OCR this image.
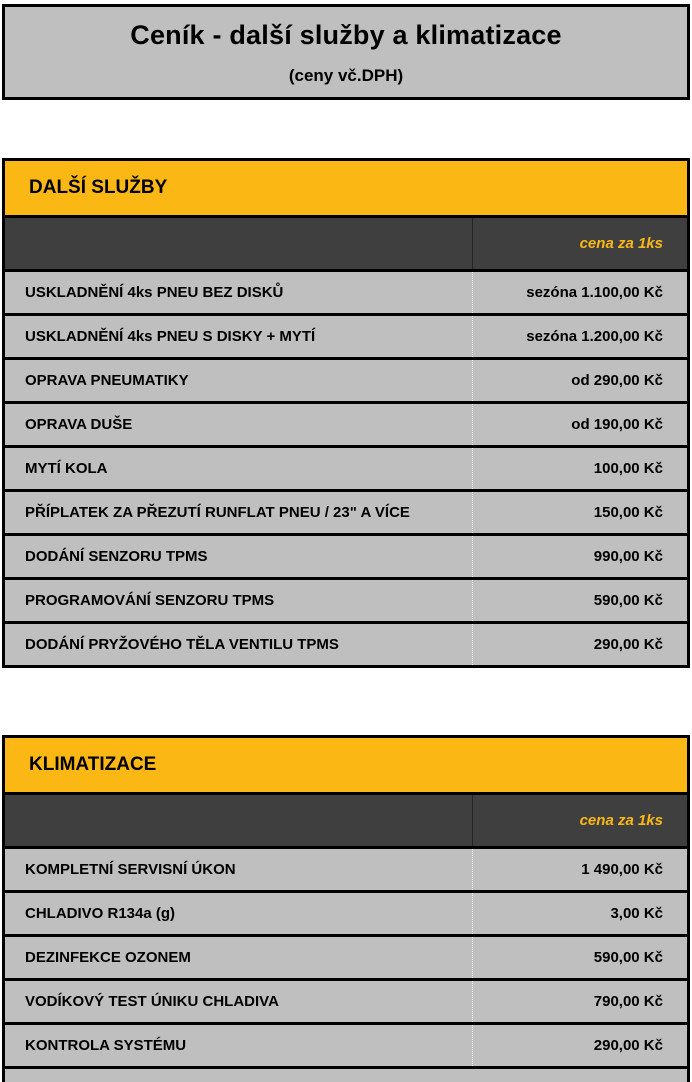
Ceník - další služby a klimatizace

(ceny vč.DPH)

DALŠÍ SLUŽBY
cena za 1ks
USKLADNĚNÍ 4ks PNEU BEZ DISKŮ	sezóna 1.100,00 Kč
USKLADNĚNÍ 4ks PNEU S DISKY + MYTÍ	sezóna 1.200,00 Kč
OPRAVA PNEUMATIKY	od 290,00 Kč
OPRAVA DUŠE	od 190,00 Kč
MYTÍ KOLA	100,00 Kč
PŘÍPLATEK ZA PŘEZUTÍ RUNFLAT PNEU / 23" A VÍCE	150,00 Kč
DODÁNÍ SENZORU TPMS	990,00 Kč
PROGRAMOVÁNÍ SENZORU TPMS	590,00 Kč
DODÁNÍ PRYŽOVÉHO TĚLA VENTILU TPMS	290,00 Kč
KLIMATIZACE
cena za 1ks
KOMPLETNÍ SERVISNÍ ÚKON	1 490,00 Kč
CHLADIVO R134a (g)	3,00 Kč
DEZINFEKCE OZONEM	590,00 Kč
VODÍKOVÝ TEST ÚNIKU CHLADIVA	790,00 Kč
KONTROLA SYSTÉMU	290,00 Kč
